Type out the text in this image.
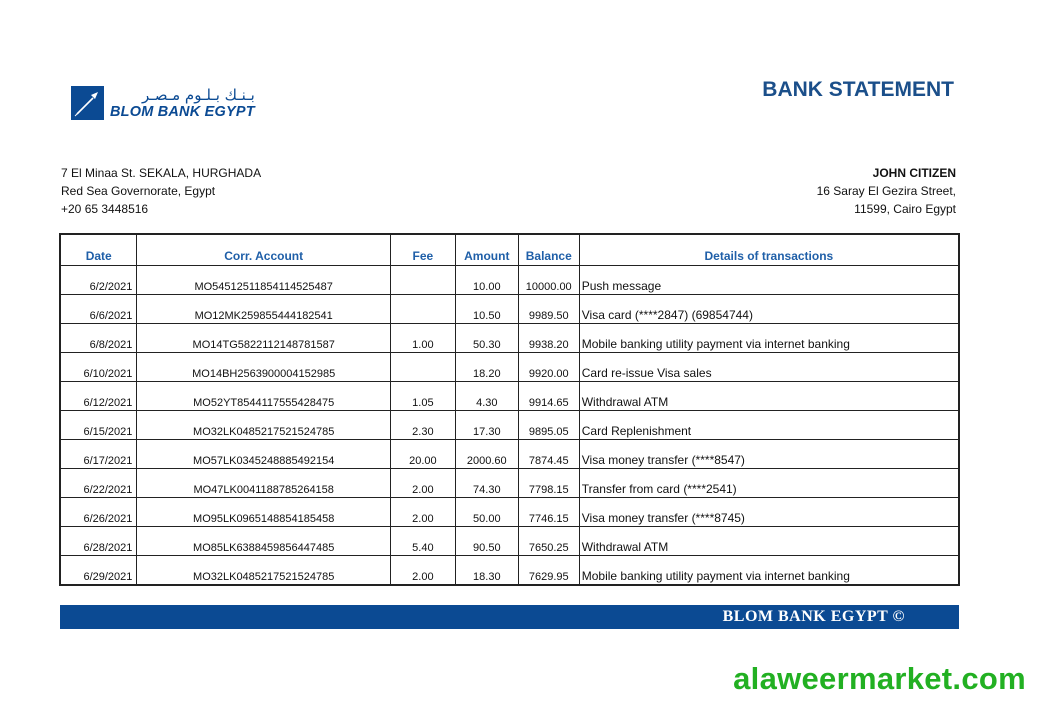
بـنـك بـلـوم مـصـر
BLOM BANK EGYPT
BANK STATEMENT
7 El Minaa St. SEKALA, HURGHADA
Red Sea Governorate, Egypt
+20 65 3448516
JOHN CITIZEN
16 Saray El Gezira Street,
11599, Cairo Egypt
Date	Corr. Account	Fee	Amount	Balance	Details of transactions
6/2/2021	MO54512511854114525487		10.00	10000.00	Push message
6/6/2021	MO12MK259855444182541		10.50	9989.50	Visa card (****2847) (69854744)
6/8/2021	MO14TG5822112148781587	1.00	50.30	9938.20	Mobile banking utility payment via internet banking
6/10/2021	MO14BH2563900004152985		18.20	9920.00	Card re-issue Visa sales
6/12/2021	MO52YT8544117555428475	1.05	4.30	9914.65	Withdrawal ATM
6/15/2021	MO32LK0485217521524785	2.30	17.30	9895.05	Card Replenishment
6/17/2021	MO57LK0345248885492154	20.00	2000.60	7874.45	Visa money transfer (****8547)
6/22/2021	MO47LK0041188785264158	2.00	74.30	7798.15	Transfer from card (****2541)
6/26/2021	MO95LK0965148854185458	2.00	50.00	7746.15	Visa money transfer (****8745)
6/28/2021	MO85LK6388459856447485	5.40	90.50	7650.25	Withdrawal ATM
6/29/2021	MO32LK0485217521524785	2.00	18.30	7629.95	Mobile banking utility payment via internet banking
BLOM BANK EGYPT ©
alaweermarket.com
